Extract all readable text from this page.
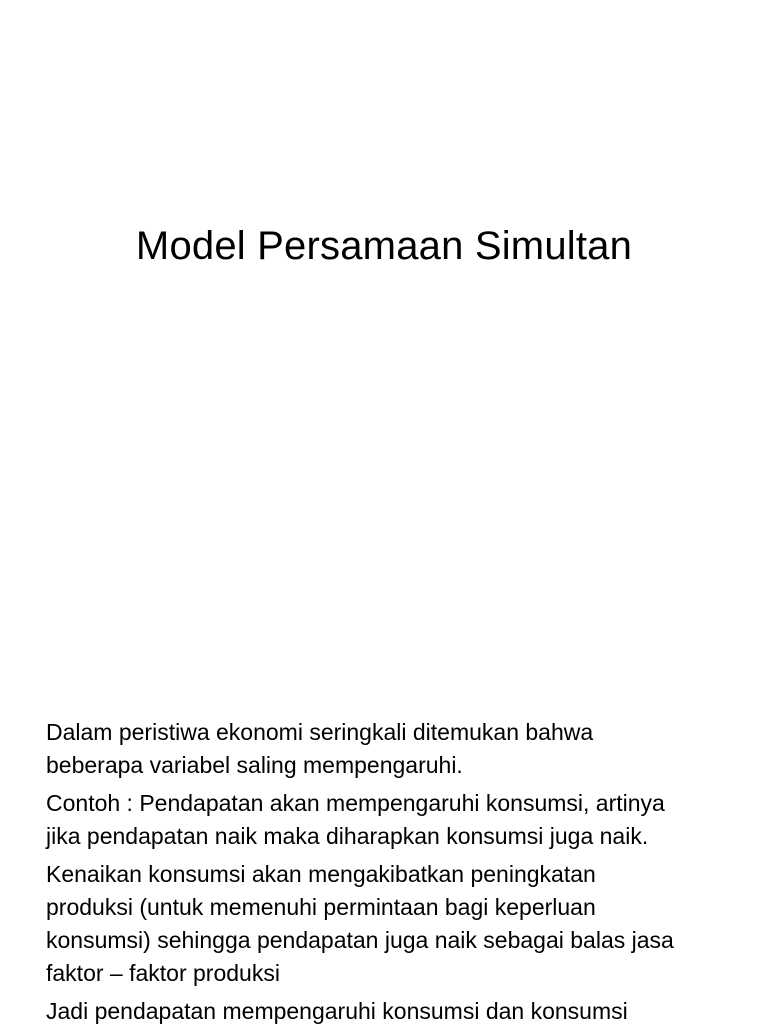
Model Persamaan Simultan

Dalam peristiwa ekonomi seringkali ditemukan bahwa
beberapa variabel saling mempengaruhi.

Contoh : Pendapatan akan mempengaruhi konsumsi, artinya
jika pendapatan naik maka diharapkan konsumsi juga naik.

Kenaikan konsumsi akan mengakibatkan peningkatan
produksi (untuk memenuhi permintaan bagi keperluan
konsumsi) sehingga pendapatan juga naik sebagai balas jasa
faktor – faktor produksi

Jadi pendapatan mempengaruhi konsumsi dan konsumsi
